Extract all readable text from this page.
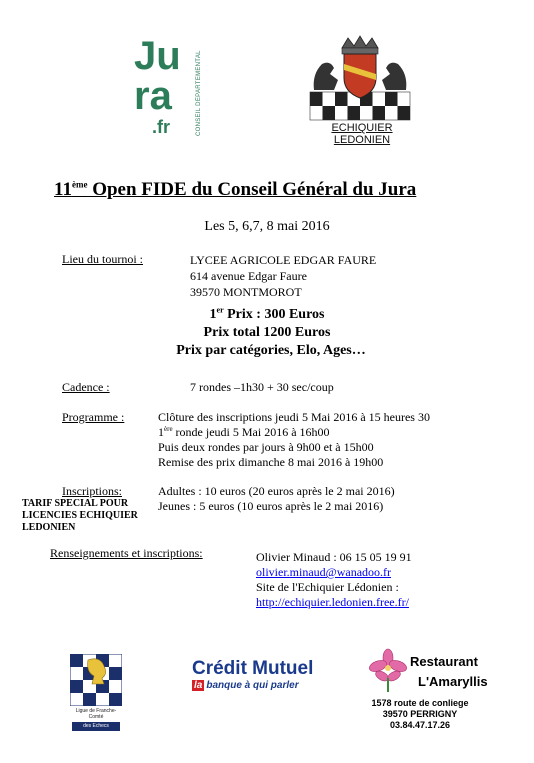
Ju
ra
.fr	CONSEIL DÉPARTEMENTAL	ECHIQUIER LEDONIEN
11ème Open FIDE du Conseil Général du Jura
Les 5, 6,7, 8 mai 2016
Lieu du tournoi :	LYCEE AGRICOLE EDGAR FAURE
614 avenue Edgar Faure
39570 MONTMOROT
1er Prix : 300 Euros
Prix total 1200 Euros
Prix par catégories, Elo, Ages…
Cadence :	7 rondes –1h30 + 30 sec/coup
Programme :	Clôture des inscriptions jeudi 5 Mai 2016 à 15 heures 30
1ère ronde jeudi 5 Mai 2016 à 16h00
Puis deux rondes par jours à 9h00 et à 15h00
Remise des prix dimanche 8 mai 2016 à 19h00
Inscriptions:	Adultes : 10 euros (20 euros après le 2 mai 2016)
Jeunes : 5 euros (10 euros après le 2 mai 2016)
TARIF SPECIAL POUR
LICENCIES ECHIQUIER
LEDONIEN
Renseignements et inscriptions:	Olivier Minaud : 06 15 05 19 91
olivier.minaud@wanadoo.fr
Site de l'Echiquier Lédonien :
http://echiquier.ledonien.free.fr/
Ligue de Franche-Comté
des Echecs
Crédit Mutuel
la banque à qui parler
Restaurant
L'Amaryllis
1578 route de conliege
39570 PERRIGNY
03.84.47.17.26
